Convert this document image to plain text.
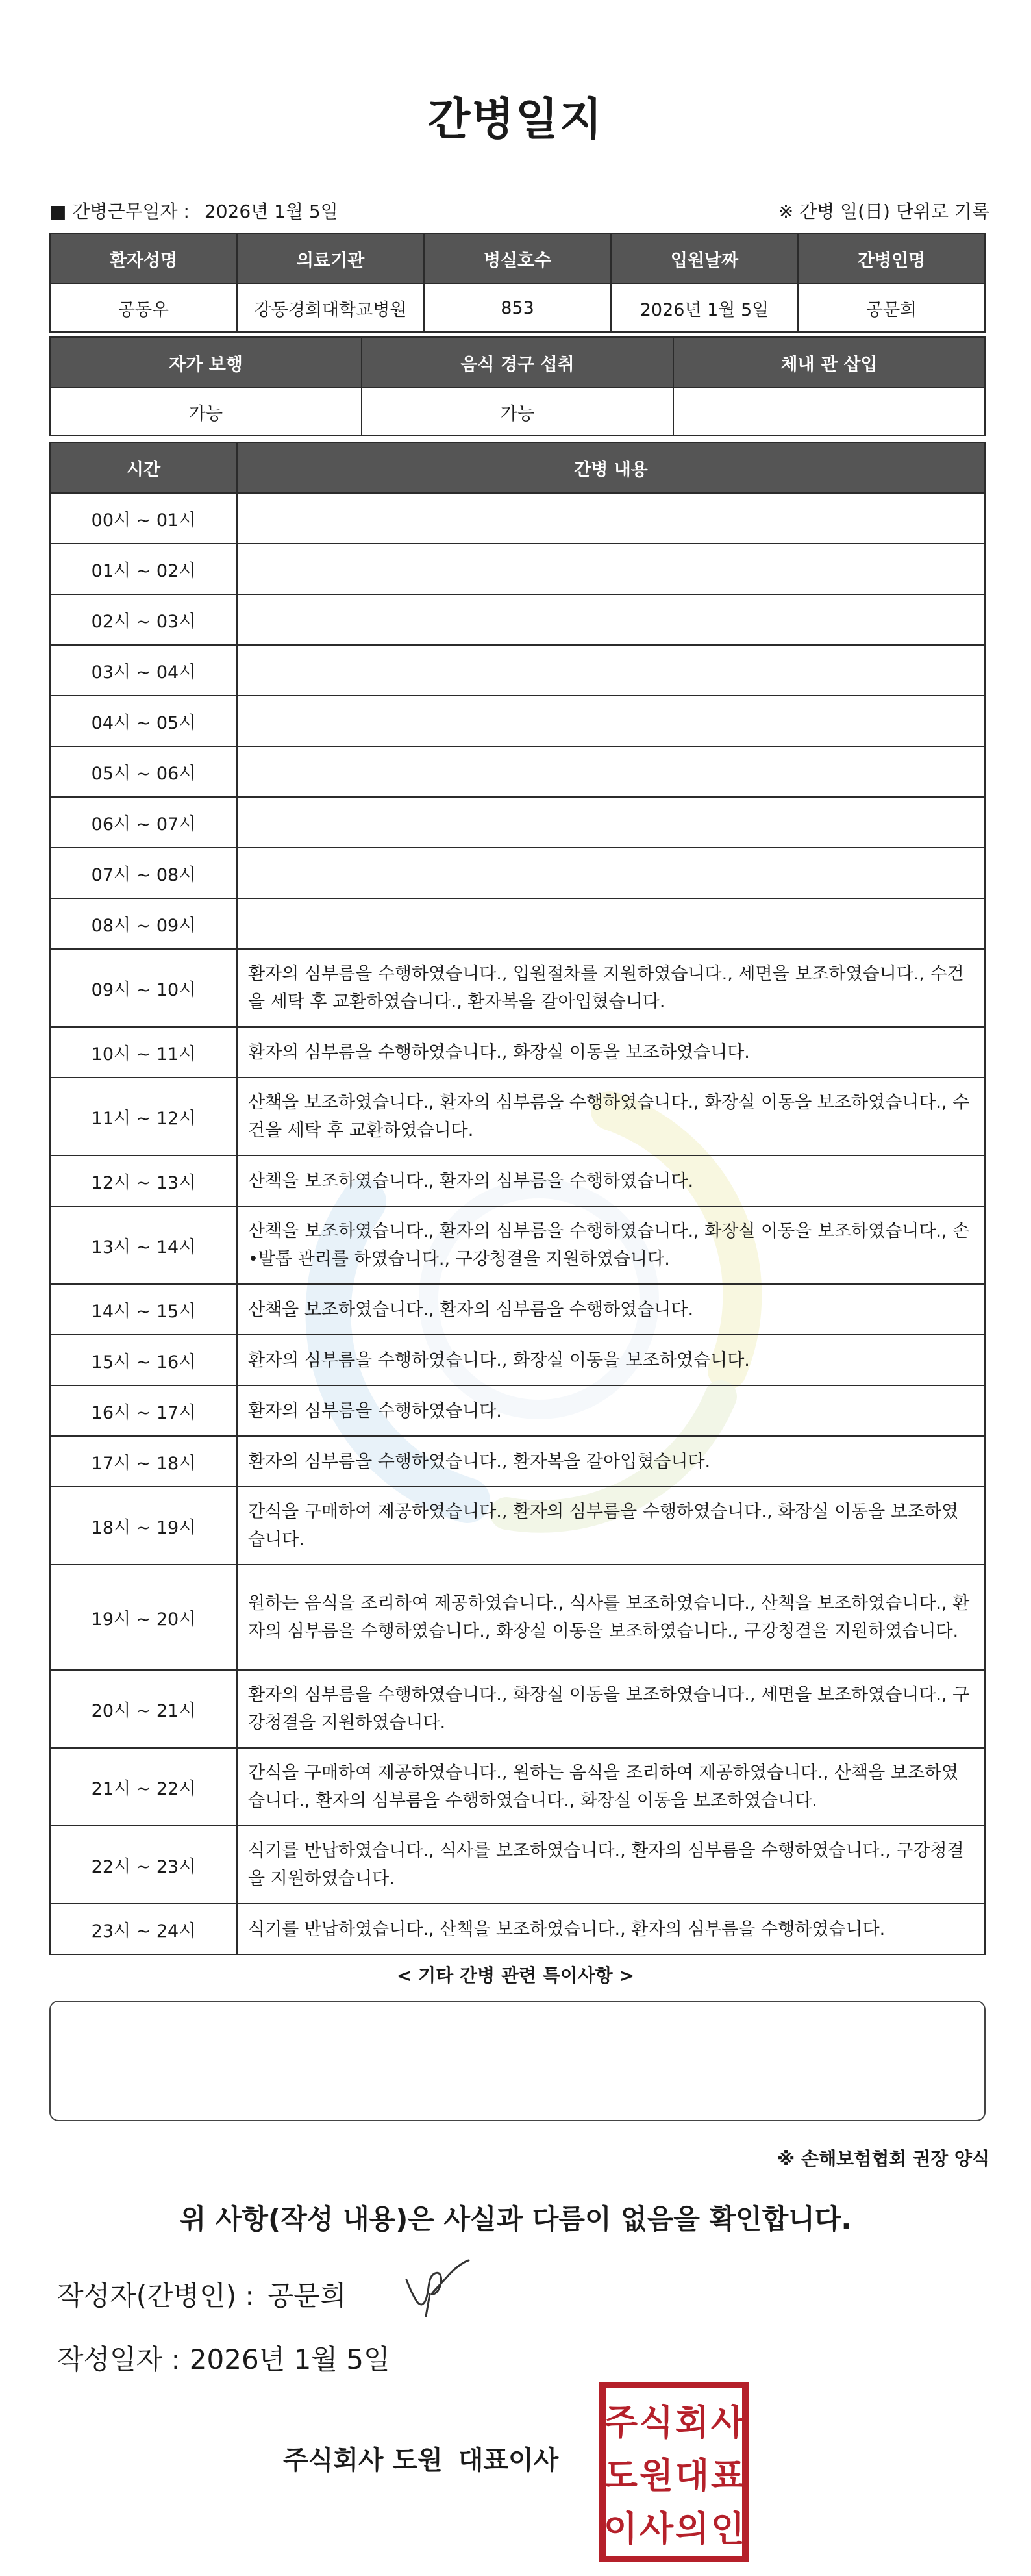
간병일지
■ 간병근무일자 : 2026년 1월 5일	※ 간병 일(日) 단위로 기록
환자성명	의료기관	병실호수	입원날짜	간병인명
공동우	강동경희대학교병원	853	2026년 1월 5일	공문희
자가 보행	음식 경구 섭취	체내 관 삽입
가능	가능	
시간	간병 내용
00시 ~ 01시	
01시 ~ 02시	
02시 ~ 03시	
03시 ~ 04시	
04시 ~ 05시	
05시 ~ 06시	
06시 ~ 07시	
07시 ~ 08시	
08시 ~ 09시	
09시 ~ 10시	환자의 심부름을 수행하였습니다., 입원절차를 지원하였습니다., 세면을 보조하였습니다., 수건을 세탁 후 교환하였습니다., 환자복을 갈아입혔습니다.
10시 ~ 11시	환자의 심부름을 수행하였습니다., 화장실 이동을 보조하였습니다.
11시 ~ 12시	산책을 보조하였습니다., 환자의 심부름을 수행하였습니다., 화장실 이동을 보조하였습니다., 수건을 세탁 후 교환하였습니다.
12시 ~ 13시	산책을 보조하였습니다., 환자의 심부름을 수행하였습니다.
13시 ~ 14시	산책을 보조하였습니다., 환자의 심부름을 수행하였습니다., 화장실 이동을 보조하였습니다., 손•발톱 관리를 하였습니다., 구강청결을 지원하였습니다.
14시 ~ 15시	산책을 보조하였습니다., 환자의 심부름을 수행하였습니다.
15시 ~ 16시	환자의 심부름을 수행하였습니다., 화장실 이동을 보조하였습니다.
16시 ~ 17시	환자의 심부름을 수행하였습니다.
17시 ~ 18시	환자의 심부름을 수행하였습니다., 환자복을 갈아입혔습니다.
18시 ~ 19시	간식을 구매하여 제공하였습니다., 환자의 심부름을 수행하였습니다., 화장실 이동을 보조하였습니다.
19시 ~ 20시	원하는 음식을 조리하여 제공하였습니다., 식사를 보조하였습니다., 산책을 보조하였습니다., 환자의 심부름을 수행하였습니다., 화장실 이동을 보조하였습니다., 구강청결을 지원하였습니다.
20시 ~ 21시	환자의 심부름을 수행하였습니다., 화장실 이동을 보조하였습니다., 세면을 보조하였습니다., 구강청결을 지원하였습니다.
21시 ~ 22시	간식을 구매하여 제공하였습니다., 원하는 음식을 조리하여 제공하였습니다., 산책을 보조하였습니다., 환자의 심부름을 수행하였습니다., 화장실 이동을 보조하였습니다.
22시 ~ 23시	식기를 반납하였습니다., 식사를 보조하였습니다., 환자의 심부름을 수행하였습니다., 구강청결을 지원하였습니다.
23시 ~ 24시	식기를 반납하였습니다., 산책을 보조하였습니다., 환자의 심부름을 수행하였습니다.
< 기타 간병 관련 특이사항 >
※ 손해보험협회 권장 양식
위 사항(작성 내용)은 사실과 다름이 없음을 확인합니다.
작성자(간병인) : 공문희
작성일자 : 2026년 1월 5일
주식회사 도원 대표이사
주 식 회 사
도 원 대 표
이 사 의 인
